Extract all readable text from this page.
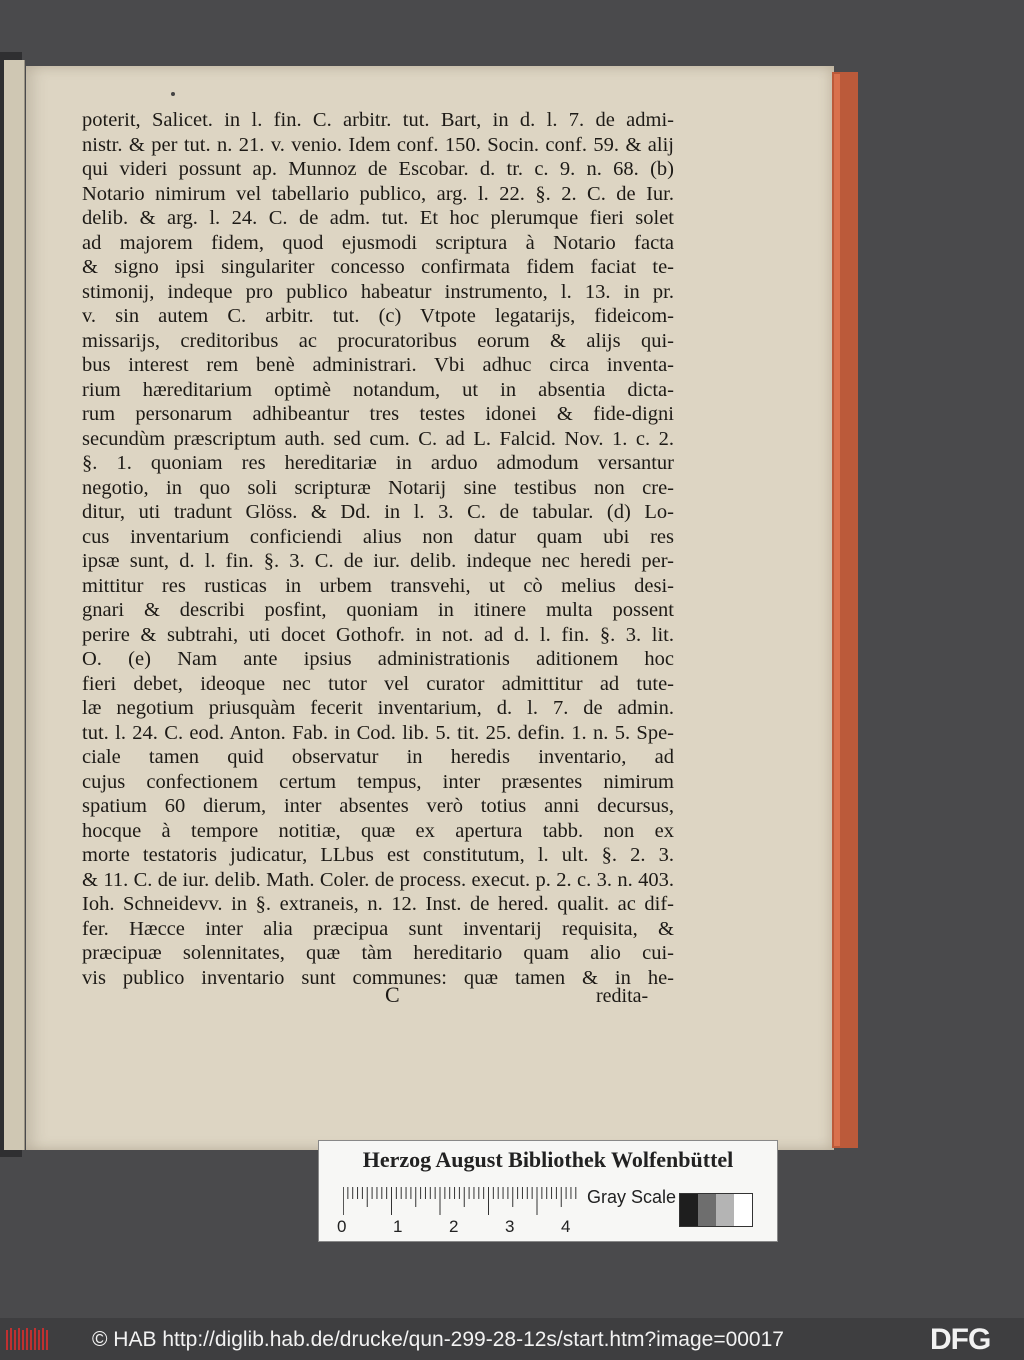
poterit, Salicet. in l. fin. C. arbitr. tut. Bart, in d. l. 7. de admi-
nistr. & per tut. n. 21. v. venio. Idem conf. 150. Socin. conf. 59. & alij
qui videri possunt ap. Munnoz de Escobar. d. tr. c. 9. n. 68. (b)
Notario nimirum vel tabellario publico, arg. l. 22. §. 2. C. de Iur.
delib. & arg. l. 24. C. de adm. tut. Et hoc plerumque fieri solet
ad majorem fidem, quod ejusmodi scriptura à Notario facta
& signo ipsi singulariter concesso confirmata fidem faciat te-
stimonij, indeque pro publico habeatur instrumento, l. 13. in pr.
v. sin autem C. arbitr. tut. (c) Vtpote legatarijs, fideicom-
missarijs, creditoribus ac procuratoribus eorum & alijs qui-
bus interest rem benè administrari. Vbi adhuc circa inventa-
rium hæreditarium optimè notandum, ut in absentia dicta-
rum personarum adhibeantur tres testes idonei & fide-digni
secundùm præscriptum auth. sed cum. C. ad L. Falcid. Nov. 1. c. 2.
§. 1. quoniam res hereditariæ in arduo admodum versantur
negotio, in quo soli scripturæ Notarij sine testibus non cre-
ditur, uti tradunt Glöss. & Dd. in l. 3. C. de tabular. (d) Lo-
cus inventarium conficiendi alius non datur quam ubi res
ipsæ sunt, d. l. fin. §. 3. C. de iur. delib. indeque nec heredi per-
mittitur res rusticas in urbem transvehi, ut cò melius desi-
gnari & describi posfint, quoniam in itinere multa possent
perire & subtrahi, uti docet Gothofr. in not. ad d. l. fin. §. 3. lit.
O. (e) Nam ante ipsius administrationis aditionem hoc
fieri debet, ideoque nec tutor vel curator admittitur ad tute-
læ negotium priusquàm fecerit inventarium, d. l. 7. de admin.
tut. l. 24. C. eod. Anton. Fab. in Cod. lib. 5. tit. 25. defin. 1. n. 5. Spe-
ciale tamen quid observatur in heredis inventario, ad
cujus confectionem certum tempus, inter præsentes nimirum
spatium 60 dierum, inter absentes verò totius anni decursus,
hocque à tempore notitiæ, quæ ex apertura tabb. non ex
morte testatoris judicatur, LLbus est constitutum, l. ult. §. 2. 3.
& 11. C. de iur. delib. Math. Coler. de process. execut. p. 2. c. 3. n. 403.
Ioh. Schneidevv. in §. extraneis, n. 12. Inst. de hered. qualit. ac dif-
fer. Hæcce inter alia præcipua sunt inventarij requisita, &
præcipuæ solennitates, quæ tàm hereditario quam alio cui-
vis publico inventario sunt communes: quæ tamen & in he-
C	redita-
Herzog August Bibliothek Wolfenbüttel
0	1	2	3	4
Gray Scale
© HAB http://diglib.hab.de/drucke/qun-299-28-12s/start.htm?image=00017	DFG
